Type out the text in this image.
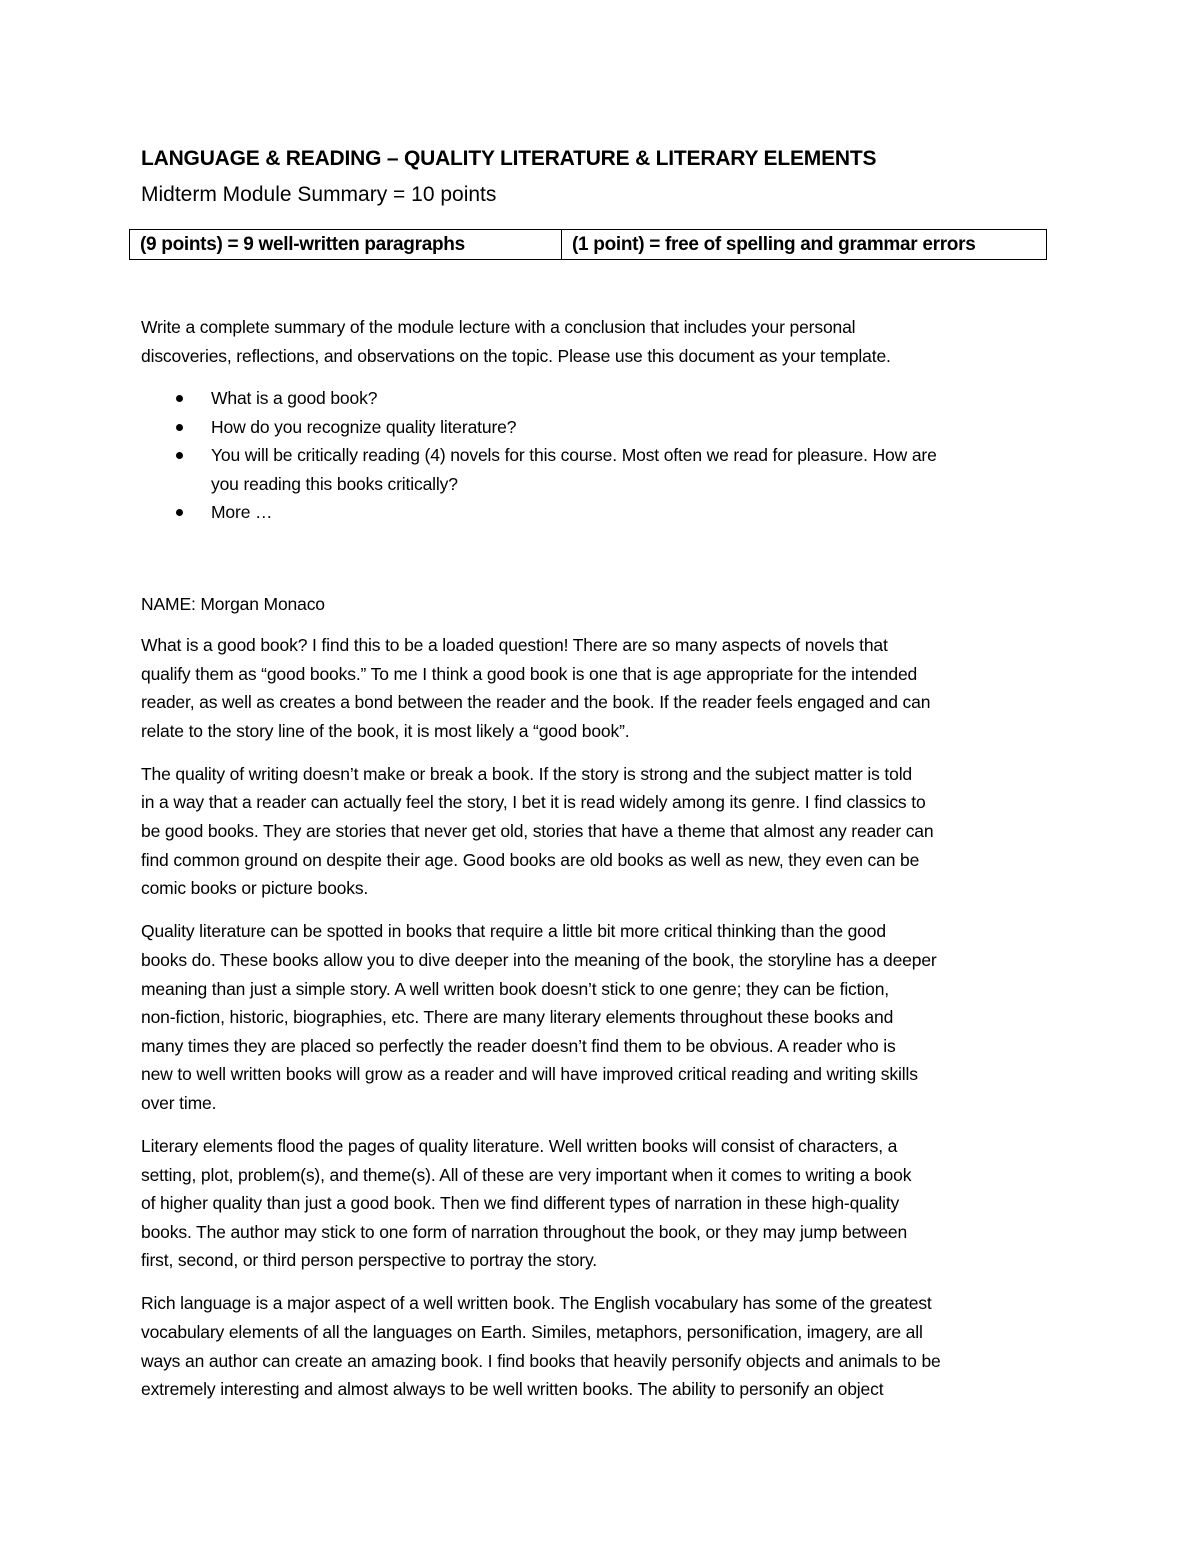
LANGUAGE & READING – QUALITY LITERATURE & LITERARY ELEMENTS
Midterm Module Summary = 10 points
(9 points) = 9 well-written paragraphs	(1 point) = free of spelling and grammar errors
Write a complete summary of the module lecture with a conclusion that includes your personal
discoveries, reflections, and observations on the topic. Please use this document as your template.
What is a good book?
How do you recognize quality literature?
You will be critically reading (4) novels for this course. Most often we read for pleasure. How are
you reading this books critically?
More …
NAME: Morgan Monaco

What is a good book? I find this to be a loaded question! There are so many aspects of novels that
qualify them as “good books.” To me I think a good book is one that is age appropriate for the intended
reader, as well as creates a bond between the reader and the book. If the reader feels engaged and can
relate to the story line of the book, it is most likely a “good book”.

The quality of writing doesn’t make or break a book. If the story is strong and the subject matter is told
in a way that a reader can actually feel the story, I bet it is read widely among its genre. I find classics to
be good books. They are stories that never get old, stories that have a theme that almost any reader can
find common ground on despite their age. Good books are old books as well as new, they even can be
comic books or picture books.

Quality literature can be spotted in books that require a little bit more critical thinking than the good
books do. These books allow you to dive deeper into the meaning of the book, the storyline has a deeper
meaning than just a simple story. A well written book doesn’t stick to one genre; they can be fiction,
non-fiction, historic, biographies, etc. There are many literary elements throughout these books and
many times they are placed so perfectly the reader doesn’t find them to be obvious. A reader who is
new to well written books will grow as a reader and will have improved critical reading and writing skills
over time.

Literary elements flood the pages of quality literature. Well written books will consist of characters, a
setting, plot, problem(s), and theme(s). All of these are very important when it comes to writing a book
of higher quality than just a good book. Then we find different types of narration in these high-quality
books. The author may stick to one form of narration throughout the book, or they may jump between
first, second, or third person perspective to portray the story.

Rich language is a major aspect of a well written book. The English vocabulary has some of the greatest
vocabulary elements of all the languages on Earth. Similes, metaphors, personification, imagery, are all
ways an author can create an amazing book. I find books that heavily personify objects and animals to be
extremely interesting and almost always to be well written books. The ability to personify an object
